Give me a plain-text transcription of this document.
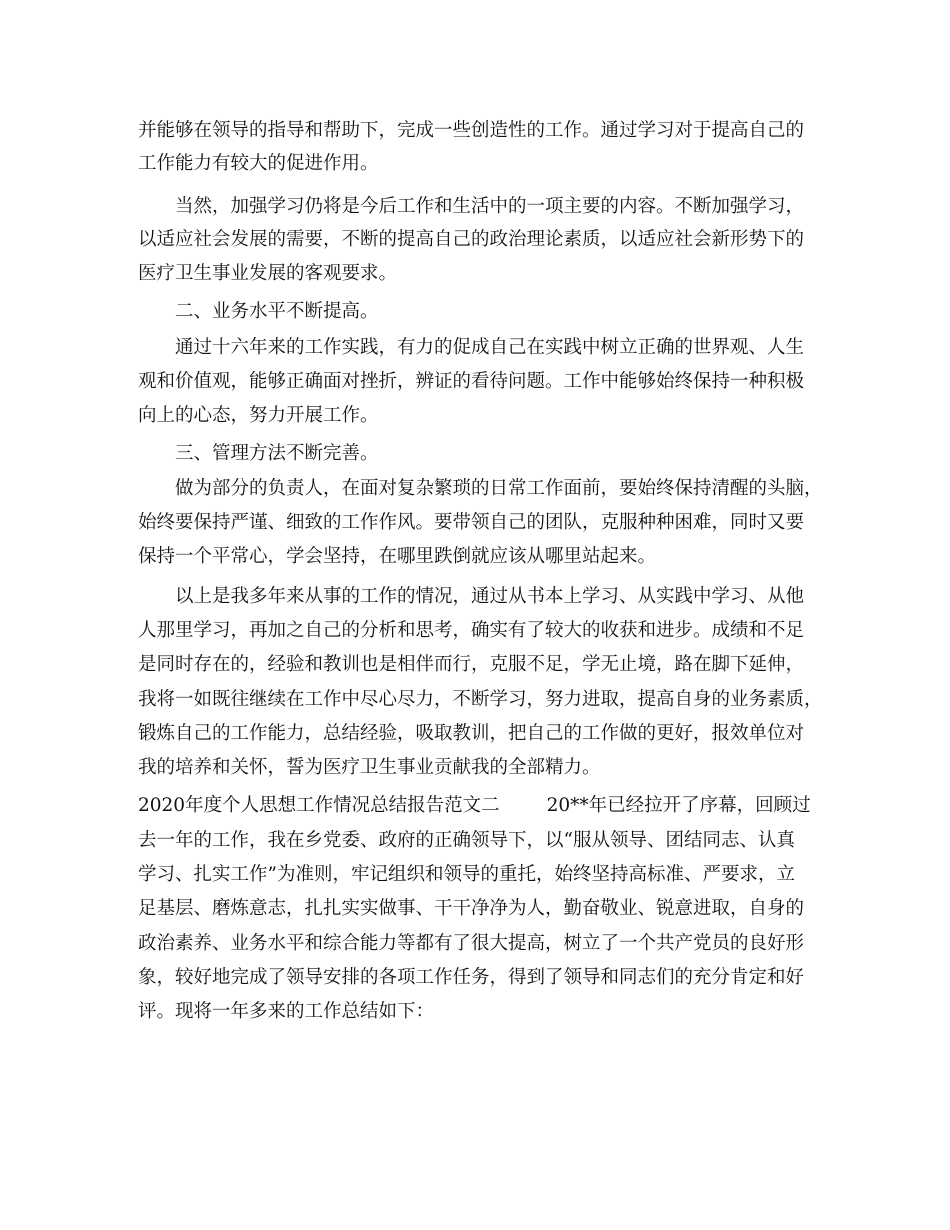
并能够在领导的指导和帮助下，完成一些创造性的工作。通过学习对于提高自己的
工作能力有较大的促进作用。
当然，加强学习仍将是今后工作和生活中的一项主要的内容。不断加强学习，
以适应社会发展的需要，不断的提高自己的政治理论素质，以适应社会新形势下的
医疗卫生事业发展的客观要求。
二、业务水平不断提高。
通过十六年来的工作实践，有力的促成自己在实践中树立正确的世界观、人生
观和价值观，能够正确面对挫折，辨证的看待问题。工作中能够始终保持一种积极
向上的心态，努力开展工作。
三、管理方法不断完善。
做为部分的负责人，在面对复杂繁琐的日常工作面前，要始终保持清醒的头脑，
始终要保持严谨、细致的工作作风。要带领自己的团队，克服种种困难，同时又要
保持一个平常心，学会坚持，在哪里跌倒就应该从哪里站起来。
以上是我多年来从事的工作的情况，通过从书本上学习、从实践中学习、从他
人那里学习，再加之自己的分析和思考，确实有了较大的收获和进步。成绩和不足
是同时存在的，经验和教训也是相伴而行，克服不足，学无止境，路在脚下延伸，
我将一如既往继续在工作中尽心尽力，不断学习，努力进取，提高自身的业务素质，
锻炼自己的工作能力，总结经验，吸取教训，把自己的工作做的更好，报效单位对
我的培养和关怀，誓为医疗卫生事业贡献我的全部精力。
2020年度个人思想工作情况总结报告范文二        20**年已经拉开了序幕，回顾过
去一年的工作，我在乡党委、政府的正确领导下，以“服从领导、团结同志、认真
学习、扎实工作”为准则，牢记组织和领导的重托，始终坚持高标准、严要求，立
足基层、磨炼意志，扎扎实实做事、干干净净为人，勤奋敬业、锐意进取，自身的
政治素养、业务水平和综合能力等都有了很大提高，树立了一个共产党员的良好形
象，较好地完成了领导安排的各项工作任务，得到了领导和同志们的充分肯定和好
评。现将一年多来的工作总结如下：
